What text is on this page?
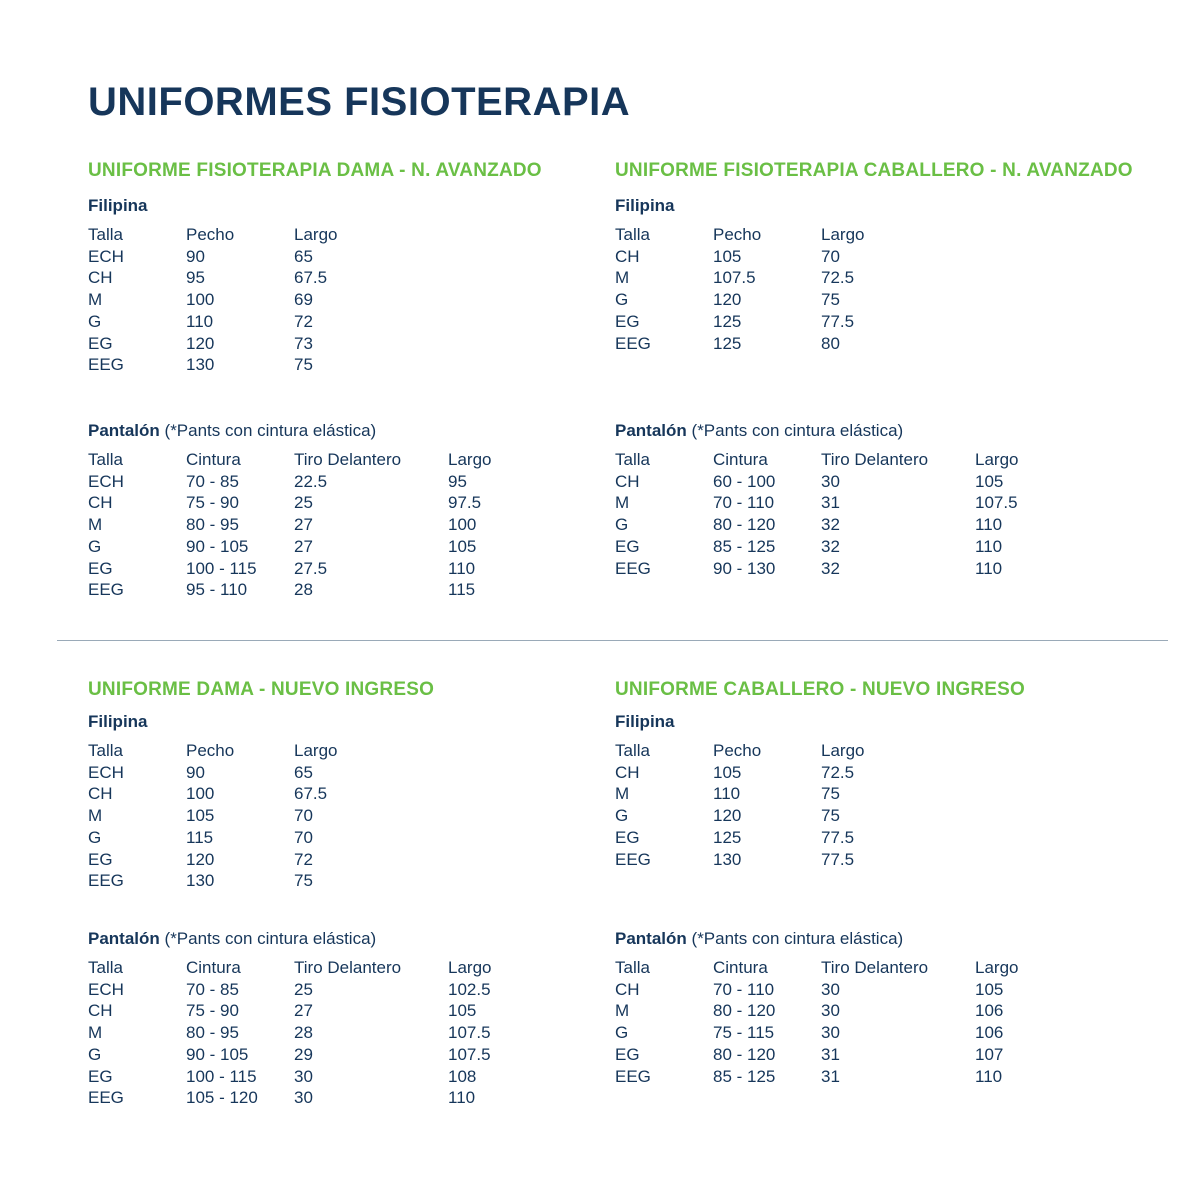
UNIFORMES FISIOTERAPIA
UNIFORME FISIOTERAPIA DAMA - N. AVANZADO
Filipina
Talla	Pecho	Largo
ECH	90	65
CH	95	67.5
M	100	69
G	110	72
EG	120	73
EEG	130	75
Pantalón (*Pants con cintura elástica)
Talla	Cintura	Tiro Delantero	Largo
ECH	70 - 85	22.5	95
CH	75 - 90	25	97.5
M	80 - 95	27	100
G	90 - 105	27	105
EG	100 - 115	27.5	110
EEG	95 - 110	28	115
UNIFORME FISIOTERAPIA CABALLERO - N. AVANZADO
Filipina
Talla	Pecho	Largo
CH	105	70
M	107.5	72.5
G	120	75
EG	125	77.5
EEG	125	80
Pantalón (*Pants con cintura elástica)
Talla	Cintura	Tiro Delantero	Largo
CH	60 - 100	30	105
M	70 - 110	31	107.5
G	80 - 120	32	110
EG	85 - 125	32	110
EEG	90 - 130	32	110
UNIFORME DAMA - NUEVO INGRESO
Filipina
Talla	Pecho	Largo
ECH	90	65
CH	100	67.5
M	105	70
G	115	70
EG	120	72
EEG	130	75
Pantalón (*Pants con cintura elástica)
Talla	Cintura	Tiro Delantero	Largo
ECH	70 - 85	25	102.5
CH	75 - 90	27	105
M	80 - 95	28	107.5
G	90 - 105	29	107.5
EG	100 - 115	30	108
EEG	105 - 120	30	110
UNIFORME CABALLERO - NUEVO INGRESO
Filipina
Talla	Pecho	Largo
CH	105	72.5
M	110	75
G	120	75
EG	125	77.5
EEG	130	77.5
Pantalón (*Pants con cintura elástica)
Talla	Cintura	Tiro Delantero	Largo
CH	70 - 110	30	105
M	80 - 120	30	106
G	75 - 115	30	106
EG	80 - 120	31	107
EEG	85 - 125	31	110
